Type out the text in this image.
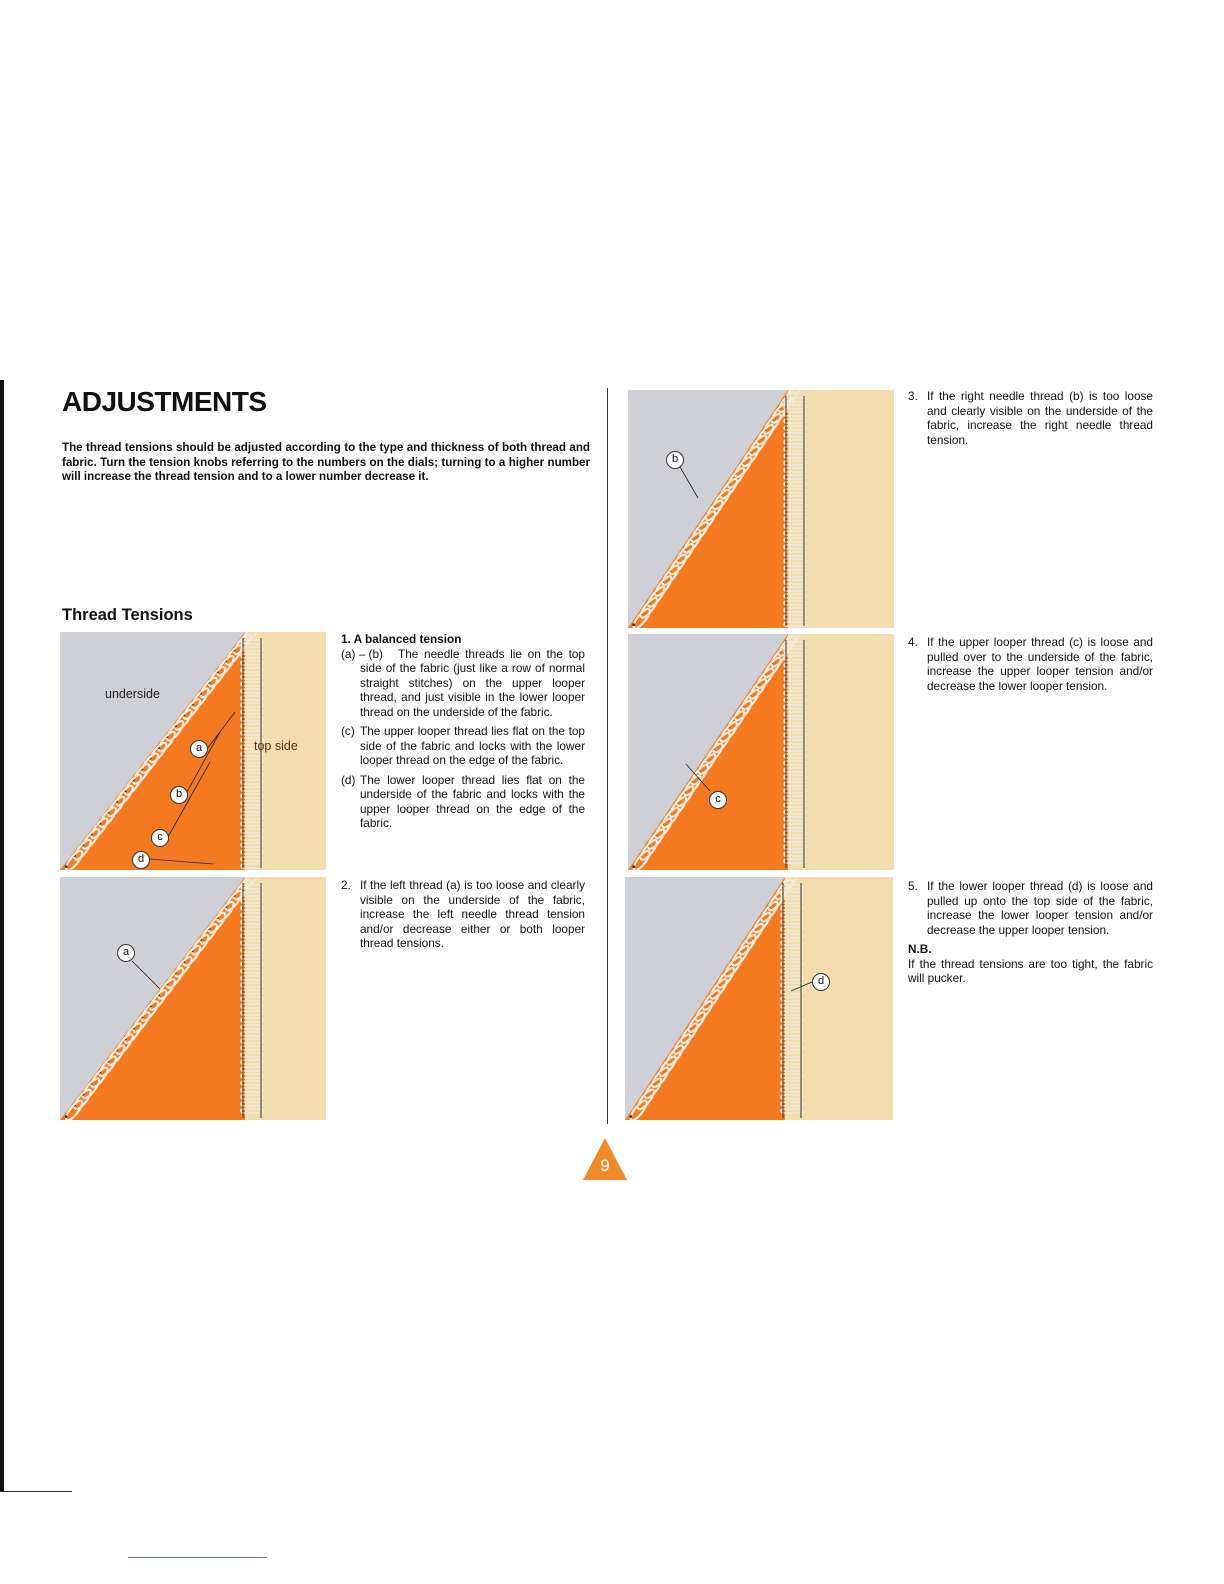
ADJUSTMENTS
The thread tensions should be adjusted according to the type and thickness of both thread and fabric. Turn the tension knobs referring to the numbers on the dials; turning to a higher number will increase the thread tension and to a lower number decrease it.
Thread Tensions
underside
top side
a
b
c
d
a
b
c
d
1. A balanced tension
(a) – (b)	The needle threads lie on the top side of the fabric (just like a row of normal straight stitches) on the upper looper thread, and just visible in the lower looper thread on the underside of the fabric.
(c) The upper looper thread lies flat on the top side of the fabric and locks with the lower looper thread on the edge of the fabric.
(d) The lower looper thread lies flat on the underside of the fabric and locks with the upper looper thread on the edge of the fabric.
2. If the left thread (a) is too loose and clearly visible on the underside of the fabric, increase the left needle thread tension and/or decrease either or both looper thread tensions.
3. If the right needle thread (b) is too loose and clearly visible on the underside of the fabric, increase the right needle thread tension.
4. If the upper looper thread (c) is loose and pulled over to the underside of the fabric, increase the upper looper tension and/or decrease the lower looper tension.
5. If the lower looper thread (d) is loose and pulled up onto the top side of the fabric, increase the lower looper tension and/or decrease the upper looper tension.
N.B.
If the thread tensions are too tight, the fabric will pucker.
9
